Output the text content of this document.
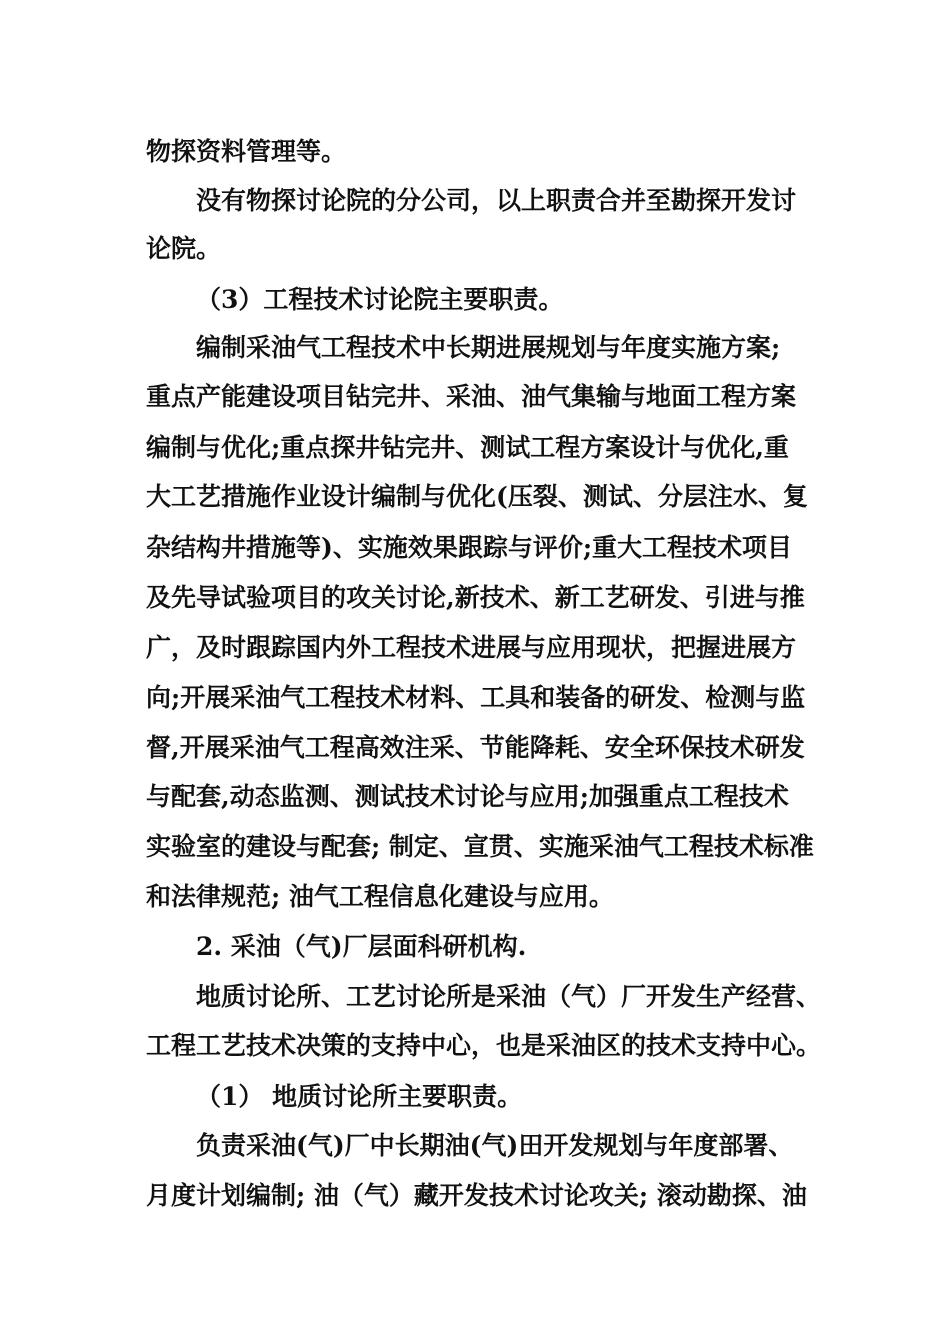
物探资料管理等。
没有物探讨论院的分公司，以上职责合并至勘探开发讨
论院。
（3）工程技术讨论院主要职责。
编制采油气工程技术中长期进展规划与年度实施方案;
重点产能建设项目钻完井、采油、油气集输与地面工程方案
编制与优化;重点探井钻完井、测试工程方案设计与优化,重
大工艺措施作业设计编制与优化(压裂、测试、分层注水、复
杂结构井措施等)、实施效果跟踪与评价;重大工程技术项目
及先导试验项目的攻关讨论,新技术、新工艺研发、引进与推
广，及时跟踪国内外工程技术进展与应用现状，把握进展方
向;开展采油气工程技术材料、工具和装备的研发、检测与监
督,开展采油气工程高效注采、节能降耗、安全环保技术研发
与配套,动态监测、测试技术讨论与应用;加强重点工程技术
实验室的建设与配套; 制定、宣贯、实施采油气工程技术标准
和法律规范; 油气工程信息化建设与应用。
2. 采油（气)厂层面科研机构.
地质讨论所、工艺讨论所是采油（气）厂开发生产经营、
工程工艺技术决策的支持中心，也是采油区的技术支持中心。
（1） 地质讨论所主要职责。
负责采油(气)厂中长期油(气)田开发规划与年度部署、
月度计划编制; 油（气）藏开发技术讨论攻关; 滚动勘探、油
